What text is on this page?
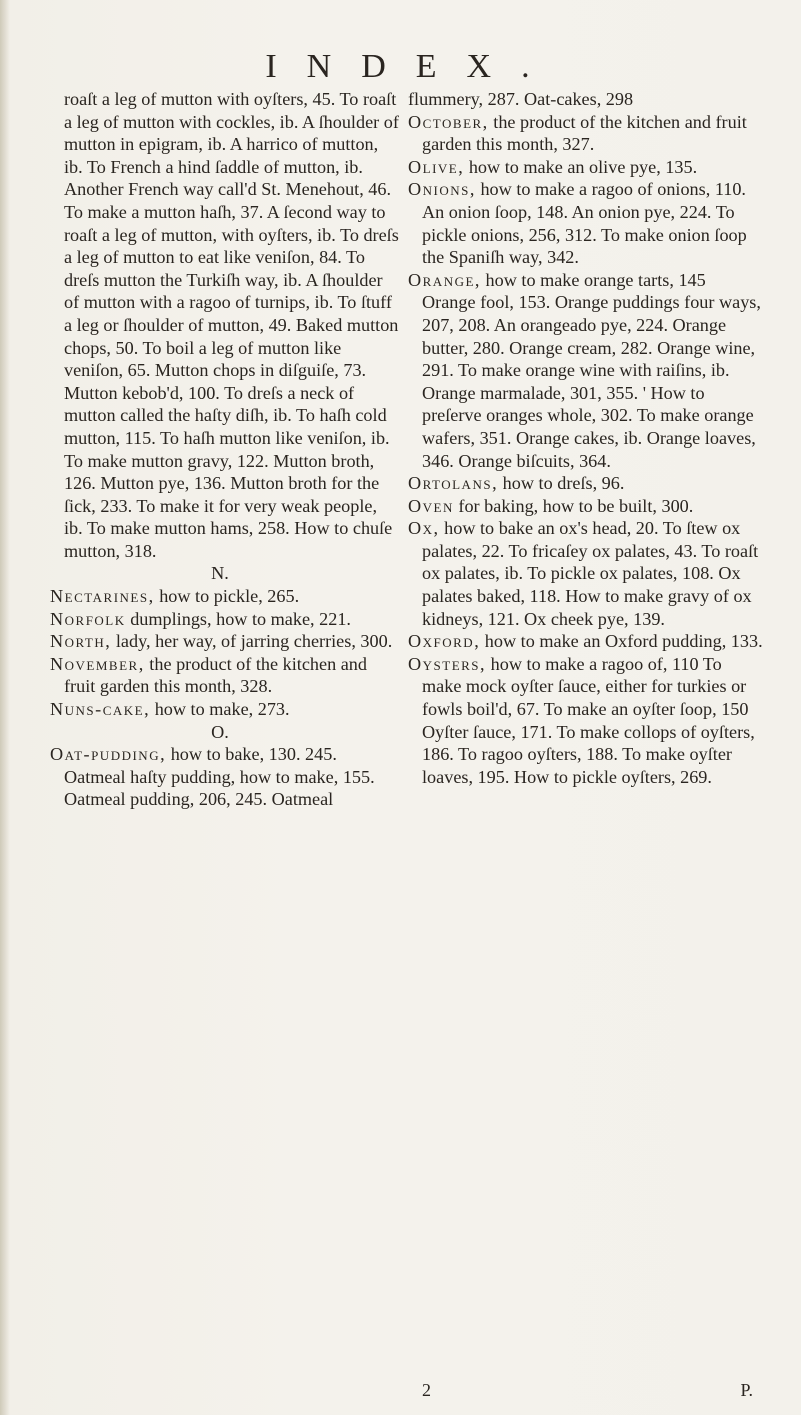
INDEX.

roaſt a leg of mutton with oyſters, 45. To roaſt a leg of mutton with cockles, ib. A ſhoulder of mutton in epigram, ib. A harrico of mutton, ib. To French a hind ſaddle of mutton, ib. Another French way call'd St. Menehout, 46. To make a mutton haſh, 37. A ſecond way to roaſt a leg of mutton, with oyſters, ib. To dreſs a leg of mutton to eat like veniſon, 84. To dreſs mutton the Turkiſh way, ib. A ſhoulder of mutton with a ragoo of turnips, ib. To ſtuff a leg or ſhoulder of mutton, 49. Baked mutton chops, 50. To boil a leg of mutton like veniſon, 65. Mutton chops in diſguiſe, 73. Mutton kebob'd, 100. To dreſs a neck of mutton called the haſty diſh, ib. To haſh cold mutton, 115. To haſh mutton like veniſon, ib. To make mutton gravy, 122. Mutton broth, 126. Mutton pye, 136. Mutton broth for the ſick, 233. To make it for very weak people, ib. To make mutton hams, 258. How to chuſe mutton, 318.

N.

Nectarines, how to pickle, 265.

Norfolk dumplings, how to make, 221.

North, lady, her way, of jarring cherries, 300.

November, the product of the kitchen and fruit garden this month, 328.

Nuns-cake, how to make, 273.

O.

Oat-pudding, how to bake, 130. 245. Oatmeal haſty pudding, how to make, 155. Oatmeal pudding, 206, 245. Oatmeal

flummery, 287. Oat-cakes, 298

October, the product of the kitchen and fruit garden this month, 327.

Olive, how to make an olive pye, 135.

Onions, how to make a ragoo of onions, 110. An onion ſoop, 148. An onion pye, 224. To pickle onions, 256, 312. To make onion ſoop the Spaniſh way, 342.

Orange, how to make orange tarts, 145 Orange fool, 153. Orange puddings four ways, 207, 208. An orangeado pye, 224. Orange butter, 280. Orange cream, 282. Orange wine, 291. To make orange wine with raiſins, ib. Orange marmalade, 301, 355. ' How to preſerve oranges whole, 302. To make orange wafers, 351. Orange cakes, ib. Orange loaves, 346. Orange biſcuits, 364.

Ortolans, how to dreſs, 96.

Oven for baking, how to be built, 300.

Ox, how to bake an ox's head, 20. To ſtew ox palates, 22. To fricaſey ox palates, 43. To roaſt ox palates, ib. To pickle ox palates, 108. Ox palates baked, 118. How to make gravy of ox kidneys, 121. Ox cheek pye, 139.

Oxford, how to make an Oxford pudding, 133.

Oysters, how to make a ragoo of, 110 To make mock oyſter ſauce, either for turkies or fowls boil'd, 67. To make an oyſter ſoop, 150 Oyſter ſauce, 171. To make collops of oyſters, 186. To ragoo oyſters, 188. To make oyſter loaves, 195. How to pickle oyſters, 269.

2	P.
